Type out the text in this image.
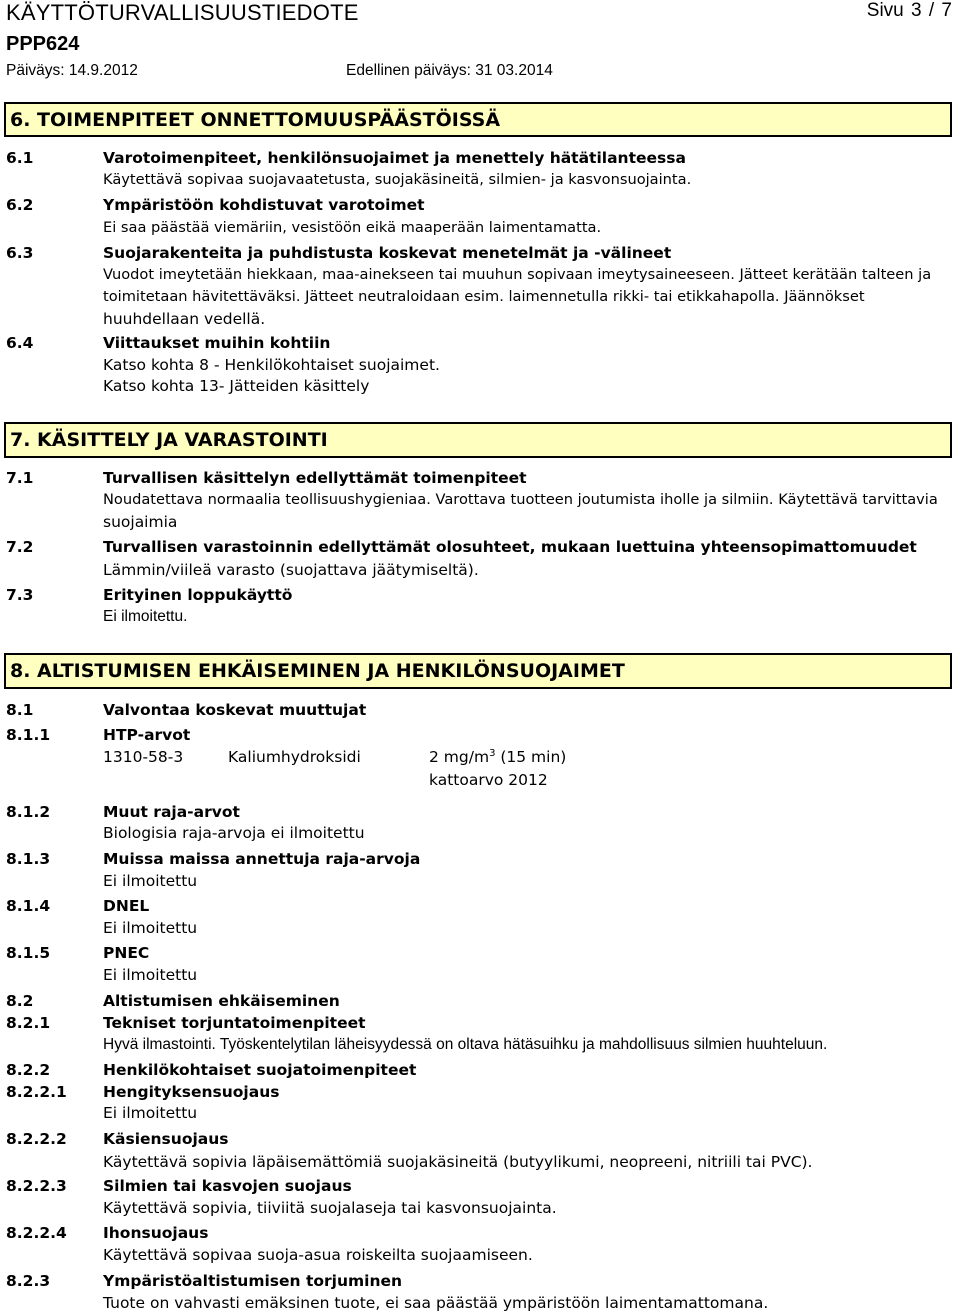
KÄYTTÖTURVALLISUUSTIEDOTE	Sivu 3 / 7
PPP624
Päiväys: 14.9.2012	Edellinen päiväys: 31 03.2014
6. TOIMENPITEET ONNETTOMUUSPÄÄSTÖISSÄ
6.1	Varotoimenpiteet, henkilönsuojaimet ja menettely hätätilanteessa
Käytettävä sopivaa suojavaatetusta, suojakäsineitä, silmien- ja kasvonsuojainta.
6.2	Ympäristöön kohdistuvat varotoimet
Ei saa päästää viemäriin, vesistöön eikä maaperään laimentamatta.
6.3	Suojarakenteita ja puhdistusta koskevat menetelmät ja -välineet
Vuodot imeytetään hiekkaan, maa-ainekseen tai muuhun sopivaan imeytysaineeseen. Jätteet kerätään talteen ja
toimitetaan hävitettäväksi. Jätteet neutraloidaan esim. laimennetulla rikki- tai etikkahapolla. Jäännökset
huuhdellaan vedellä.
6.4	Viittaukset muihin kohtiin
Katso kohta 8 - Henkilökohtaiset suojaimet.
Katso kohta 13- Jätteiden käsittely
7. KÄSITTELY JA VARASTOINTI
7.1	Turvallisen käsittelyn edellyttämät toimenpiteet
Noudatettava normaalia teollisuushygieniaa. Varottava tuotteen joutumista iholle ja silmiin. Käytettävä tarvittavia
suojaimia
7.2	Turvallisen varastoinnin edellyttämät olosuhteet, mukaan luettuina yhteensopimattomuudet
Lämmin/viileä varasto (suojattava jäätymiseltä).
7.3	Erityinen loppukäyttö
Ei ilmoitettu.
8. ALTISTUMISEN EHKÄISEMINEN JA HENKILÖNSUOJAIMET
8.1	Valvontaa koskevat muuttujat
8.1.1	HTP-arvot
1310-58-3	Kaliumhydroksidi	2 $mg/m^3$ (15 min)
kattoarvo 2012
8.1.2	Muut raja-arvot
Biologisia raja-arvoja ei ilmoitettu
8.1.3	Muissa maissa annettuja raja-arvoja
Ei ilmoitettu
8.1.4	DNEL
Ei ilmoitettu
8.1.5	PNEC
Ei ilmoitettu
8.2	Altistumisen ehkäiseminen
8.2.1	Tekniset torjuntatoimenpiteet
Hyvä ilmastointi. Työskentelytilan läheisyydessä on oltava hätäsuihku ja mahdollisuus silmien huuhteluun.
8.2.2	Henkilökohtaiset suojatoimenpiteet
8.2.2.1 Hengityksensuojaus
Ei ilmoitettu
8.2.2.2 Käsiensuojaus
Käytettävä sopivia läpäisemättömiä suojakäsineitä (butyylikumi, neopreeni, nitriili tai PVC).
8.2.2.3 Silmien tai kasvojen suojaus
Käytettävä sopivia, tiiviitä suojalaseja tai kasvonsuojainta.
8.2.2.4 Ihonsuojaus
Käytettävä sopivaa suoja-asua roiskeilta suojaamiseen.
8.2.3	Ympäristöaltistumisen torjuminen
Tuote on vahvasti emäksinen tuote, ei saa päästää ympäristöön laimentamattomana.
